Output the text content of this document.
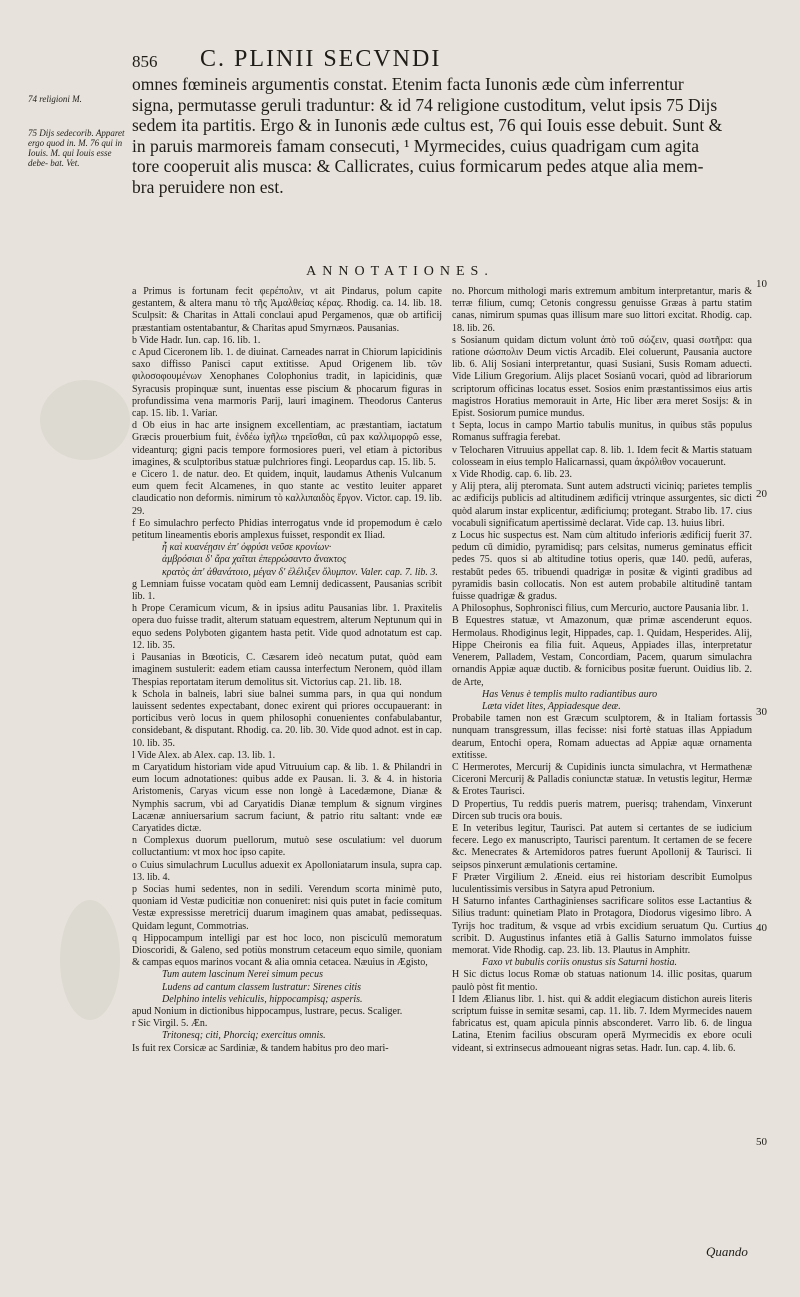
856 C. PLINII SECVNDI
74 religioni M.
75 Dijs sedecorib. Apparet ergo quod in. M. 76 qui in Iouis. M. qui Iouis esse debe- bat. Vet.
omnes fœmineis argumentis constat. Etenim facta Iunonis æde cùm inferrentur
signa, permutasse geruli traduntur: & id 74 religione custoditum, velut ipsis 75 Dijs
sedem ita partitis. Ergo & in Iunonis æde cultus est, 76 qui Iouis esse debuit. Sunt &
in paruis marmoreis famam consecuti, ¹ Myrmecides, cuius quadrigam cum agita
tore cooperuit alis musca: & Callicrates, cuius formicarum pedes atque alia mem-
bra peruidere non est.
ANNOTATIONES.

a Primus is fortunam fecit φερέπολιν, vt ait Pindarus, polum capite gestantem, & altera manu τὸ τῆς Ἀμαλθείας κέρας. Rhodig. ca. 14. lib. 18. Sculpsit: & Charitas in Attali conclaui apud Pergamenos, quæ ob artificij præstantiam ostentabantur, & Charitas apud Smyrnæos. Pausanias.

b Vide Hadr. Iun. cap. 16. lib. 1.

c Apud Ciceronem lib. 1. de diuinat. Carneades narrat in Chiorum lapicidinis saxo diffisso Panisci caput extitisse. Apud Origenem lib. τῶν φιλοσοφουμένων Xenophanes Colophonius tradit, in lapicidinis, quæ Syracusis propinquæ sunt, inuentas esse piscium & phocarum figuras in profundissima vena marmoris Parij, lauri imaginem. Theodorus Canterus cap. 15. lib. 1. Variar.

d Ob eius in hac arte insignem excellentiam, ac præstantiam, iactatum Græcis prouerbium fuit, ἐνδέω ἰχῆλω τηρεῖσθαι, cû pax καλλιμορφῶ esse, videanturq; gigni pacis tempore formosiores pueri, vel etiam à pictoribus imagines, & sculptoribus statuæ pulchriores fingi. Leopardus cap. 15. lib. 5.

e Cicero 1. de natur. deo. Et quidem, inquit, laudamus Athenis Vulcanum eum quem fecit Alcamenes, in quo stante ac vestito leuiter apparet claudicatio non deformis. nimirum τὸ καλλιπαιδὸς ἔργον. Victor. cap. 19. lib. 29.

f Eo simulachro perfecto Phidias interrogatus vnde id propemodum è cælo petitum lineamentis eboris amplexus fuisset, respondit ex Iliad.

ἦ καὶ κυανέῃσιν ἐπ' ὀφρύσι νεῦσε κρονίων·

ἀμβρόσιαι δ' ἄρα χαῖται ἐπερρώσαντο ἄνακτος

κρατὸς ἀπ' ἀθανάτοιο, μέγαν δ' ἐλέλιξεν ὄλυμπον. Valer. cap. 7. lib. 3.

g Lemniam fuisse vocatam quòd eam Lemnij dedicassent, Pausanias scribit lib. 1.

h Prope Ceramicum vicum, & in ipsius aditu Pausanias libr. 1. Praxitelis opera duo fuisse tradit, alterum statuam equestrem, alterum Neptunum qui in equo sedens Polyboten gigantem hasta petit. Vide quod adnotatum est cap. 12. lib. 35.

i Pausanias in Bœoticis, C. Cæsarem ideò necatum putat, quòd eam imaginem sustulerit: eadem etiam caussa interfectum Neronem, quòd illam Thespias reportatam iterum demolitus sit. Victorius cap. 21. lib. 18.

k Schola in balneis, labri siue balnei summa pars, in qua qui nondum lauissent sedentes expectabant, donec exirent qui priores occupauerant: in porticibus verò locus in quem philosophi conuenientes confabulabantur, considebant, & disputant. Rhodig. ca. 20. lib. 30. Vide quod adnot. est in cap. 10. lib. 35.

l Vide Alex. ab Alex. cap. 13. lib. 1.

m Caryatidum historiam vide apud Vitruuium cap. & lib. 1. & Philandri in eum locum adnotationes: quibus adde ex Pausan. li. 3. & 4. in historia Aristomenis, Caryas vicum esse non longè à Lacedæmone, Dianæ & Nymphis sacrum, vbi ad Caryatidis Dianæ templum & signum virgines Lacænæ anniuersarium sacrum faciunt, & patrio ritu saltant: vnde eæ Caryatides dictæ.

n Complexus duorum puellorum, mutuò sese osculatium: vel duorum colluctantium: vt mox hoc ipso capite.

o Cuius simulachrum Lucullus aduexit ex Apolloniatarum insula, supra cap. 13. lib. 4.

p Socias humi sedentes, non in sedili. Verendum scorta minimè puto, quoniam id Vestæ pudicitiæ non conueniret: nisi quis putet in facie comitum Vestæ expressisse meretricij duarum imaginem quas amabat, pedissequas. Quidam legunt, Commotrias.

q Hippocampum intelligi par est hoc loco, non pisciculū memoratum Dioscoridi, & Galeno, sed potiùs monstrum cetaceum equo simile, quoniam & campas equos marinos vocant & alia omnia cetacea. Næuius in Ægisto,

Tum autem lascinum Nerei simum pecus

Ludens ad cantum classem lustratur: Sirenes citis

Delphino intelis vehiculis, hippocampisq; asperis.

apud Nonium in dictionibus hippocampus, lustrare, pecus. Scaliger.

r Sic Virgil. 5. Æn.

Tritonesq; citi, Phorciq; exercitus omnis.

Is fuit rex Corsicæ ac Sardiniæ, & tandem habitus pro deo mari-

no. Phorcum mithologi maris extremum ambitum interpretantur, maris & terræ filium, cumq; Cetonis congressu genuisse Græas à partu statim canas, nimirum spumas quas illisum mare suo littori excitat. Rhodig. cap. 18. lib. 26.

s Sosianum quidam dictum volunt ἀπὸ τοῦ σώζειν, quasi σωτῆρα: qua ratione σώσπολιν Deum victis Arcadib. Elei coluerunt, Pausania auctore lib. 6. Alij Sosiani interpretantur, quasi Susiani, Susis Romam aduecti. Vide Lilium Gregorium. Alijs placet Sosianū vocari, quòd ad librariorum scriptorum officinas locatus esset. Sosios enim præstantissimos eius artis magistros Horatius memorauit in Arte, Hic liber æra meret Sosijs: & in Epist. Sosiorum pumice mundus.

t Septa, locus in campo Martio tabulis munitus, in quibus stās populus Romanus suffragia ferebat.

v Telocharen Vitruuius appellat cap. 8. lib. 1. Idem fecit & Martis statuam colosseam in eius templo Halicarnassi, quam ἀκρόλιθον vocauerunt.

x Vide Rhodig. cap. 6. lib. 23.

y Alij ptera, alij pteromata. Sunt autem adstructi viciniq; parietes templis ac ædificijs publicis ad altitudinem ædificij vtrinque assurgentes, sic dicti quòd alarum instar explicentur, ædificiumq; protegant. Strabo lib. 17. cius vocabuli significatum apertissimè declarat. Vide cap. 13. huius libri.

z Locus hic suspectus est. Nam cùm altitudo inferioris ædificij fuerit 37. pedum cū dimidio, pyramidisq; pars celsitas, numerus geminatus efficit pedes 75. quos si ab altitudine totius operis, quæ 140. pedū, auferas, restabūt pedes 65. tribuendi quadrigæ in positæ & viginti gradibus ad pyramidis basin collocatis. Non est autem probabile altitudinē tantam fuisse quadrigæ & gradus.

A Philosophus, Sophronisci filius, cum Mercurio, auctore Pausania libr. 1.

B Equestres statuæ, vt Amazonum, quæ primæ ascenderunt equos. Hermolaus. Rhodiginus legit, Hippades, cap. 1. Quidam, Hesperides. Alij, Hippe Cheironis ea filia fuit. Aqueus, Appiades illas, interpretatur Venerem, Palladem, Vestam, Concordiam, Pacem, quarum simulachra ornandis Appiæ aquæ ductib. & fornicibus positæ fuerunt. Ouidius lib. 2. de Arte,

Has Venus è templis multo radiantibus auro

Læta videt lites, Appiadesque deæ.

Probabile tamen non est Græcum sculptorem, & in Italiam fortassis nunquam transgressum, illas fecisse: nisi fortè statuas illas Appiadum dearum, Entochi opera, Romam aduectas ad Appiæ aquæ ornamenta extitisse.

C Hermerotes, Mercurij & Cupidinis iuncta simulachra, vt Hermathenæ Ciceroni Mercurij & Palladis coniunctæ statuæ. In vetustis legitur, Hermæ & Erotes Taurisci.

D Propertius, Tu reddis pueris matrem, puerisq; trahendam, Vinxerunt Dircen sub trucis ora bouis.

E In veteribus legitur, Taurisci. Pat autem si certantes de se iudicium fecere. Lego ex manuscripto, Taurisci parentum. It certamen de se fecere &c. Menecrates & Artemidoros patres fuerunt Apollonij & Taurisci. Ii seipsos pinxerunt æmulationis certamine.

F Præter Virgilium 2. Æneid. eius rei historiam describit Eumolpus luculentissimis versibus in Satyra apud Petronium.

H Saturno infantes Carthaginienses sacrificare solitos esse Lactantius & Silius tradunt: quinetiam Plato in Protagora, Diodorus vigesimo libro. A Tyrijs hoc traditum, & vsque ad vrbis excidium seruatum Qu. Curtius scribit. D. Augustinus infantes etiā à Gallis Saturno immolatos fuisse memorat. Vide Rhodig. cap. 23. lib. 13. Plautus in Amphitr.

Faxo vt bubulis coriis onustus sis Saturni hostia.

H Sic dictus locus Romæ ob statuas nationum 14. illic positas, quarum paulò pòst fit mentio.

I Idem Ælianus libr. 1. hist. qui & addit elegiacum distichon aureis literis scriptum fuisse in semitæ sesami, cap. 11. lib. 7. Idem Myrmecides nauem fabricatus est, quam apicula pinnis absconderet. Varro lib. 6. de lingua Latina, Etenim facilius obscuram operā Myrmecidis ex ebore oculi videant, si extrinsecus admoueant nigras setas. Hadr. Iun. cap. 4. lib. 6.

10
20
30
40
50
Quando
